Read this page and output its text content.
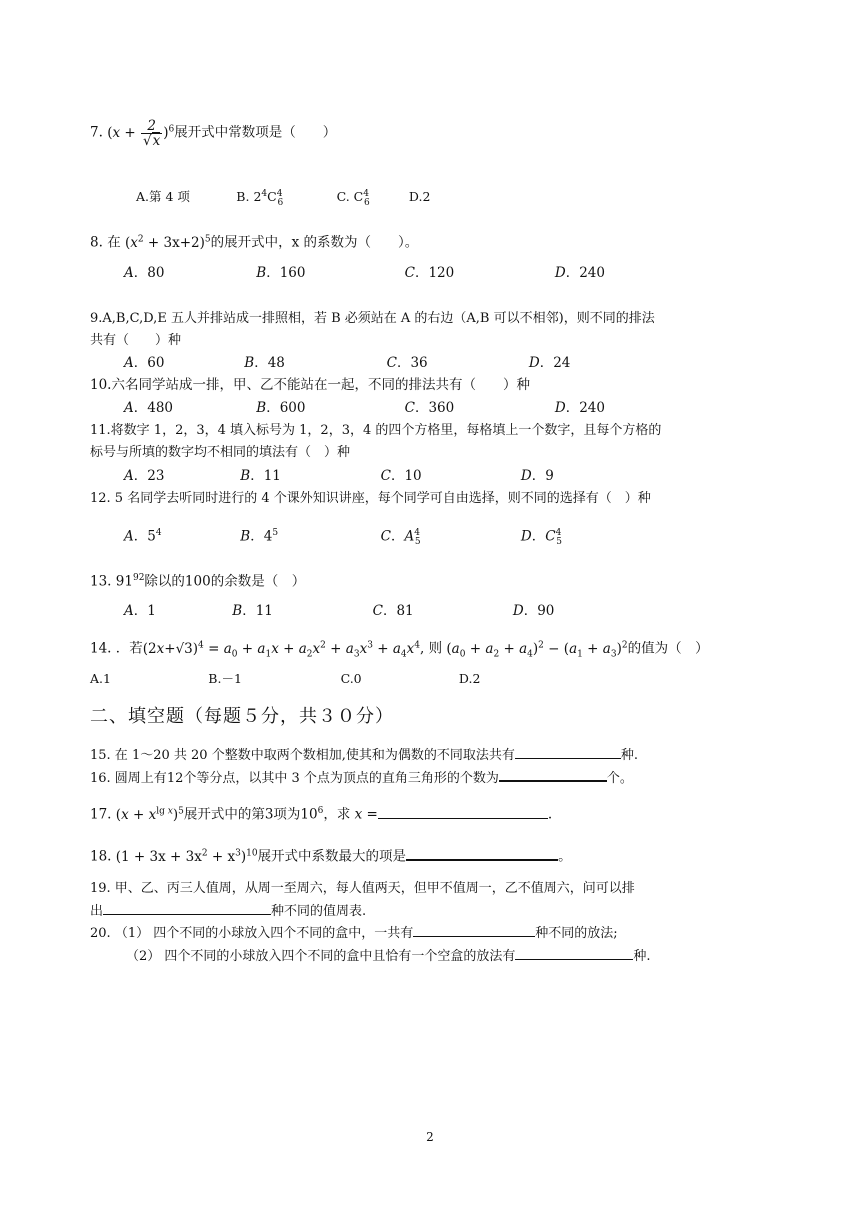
7. $(x + \frac{2}{√x} )^6$展开式中常数项是（　　）
A.第 4 项	B. $2^4C^4_6$	C. $C^4_6$	D.2
8. 在 $(x^2 + 3x+2)^5$的展开式中，x 的系数为（　　）。
A．80	B．160	C．120	D．240
9.A,B,C,D,E 五人并排站成一排照相，若 B 必须站在 A 的右边（A,B 可以不相邻)，则不同的排法
共有（　　）种
A．60	B．48	C．36	D．24
10.六名同学站成一排，甲、乙不能站在一起，不同的排法共有（　　）种
A．480	B．600	C．360	D．240
11.将数字 1，2，3，4 填入标号为 1，2，3，4 的四个方格里，每格填上一个数字，且每个方格的
标号与所填的数字均不相同的填法有（　）种
A．23	B．11	C．10	D．9
12. 5 名同学去听同时进行的 4 个课外知识讲座，每个同学可自由选择，则不同的选择有（　）种
A．$5^4$	B．$4^5$	C．$A^4_5$	D．$C^4_5$
13. $91^{92}$除以的100的余数是（　）
A．1	B．11	C．81	D．90
14. ．若$(2x+√3)^4 = a_0 + a_1x + a_2x^2 + a_3x^3 + a_4x^4$, 则 $(a_0 + a_2 + a_4)^2 - (a_1 + a_3)^2$的值为（　）
A.1	B.－1	C.0	D.2
二、填空题（每题５分，共３０分）
15. 在 1～20 共 20 个整数中取两个数相加,使其和为偶数的不同取法共有	种.
16. 圆周上有12个等分点，以其中 3 个点为顶点的直角三角形的个数为	个。
17. $(x + x^{lg x})^5$展开式中的第3项为$10^6$，求 x =	.
18. $(1 + 3x + 3x^2 + x^3)^{10}$展开式中系数最大的项是	。
19. 甲、乙、丙三人值周，从周一至周六，每人值两天，但甲不值周一，乙不值周六，问可以排
出	种不同的值周表.
20. （1） 四个不同的小球放入四个不同的盒中，一共有	种不同的放法;
（2） 四个不同的小球放入四个不同的盒中且恰有一个空盒的放法有	种.
2
